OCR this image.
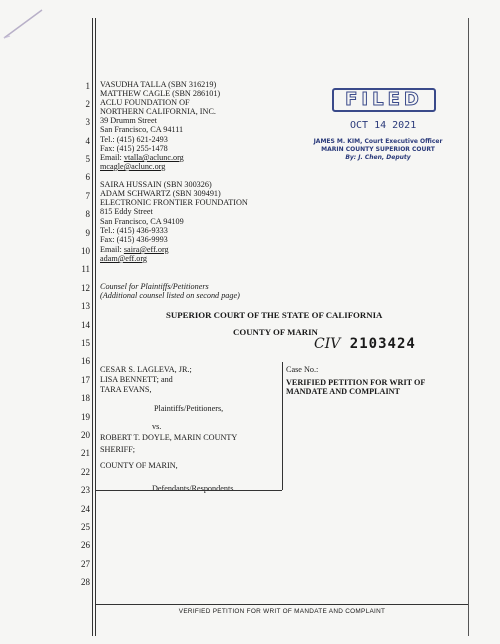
1
2
3
4
5
6
7
8
9
10
11
12
13
14
15
16
17
18
19
20
21
22
23
24
25
26
27
28
VASUDHA TALLA (SBN 316219)
MATTHEW CAGLE (SBN 286101)
ACLU FOUNDATION OF
NORTHERN CALIFORNIA, INC.
39 Drumm Street
San Francisco, CA 94111
Tel.: (415) 621-2493
Fax: (415) 255-1478
Email: vtalla@aclunc.org
mcagle@aclunc.org
SAIRA HUSSAIN (SBN 300326)
ADAM SCHWARTZ (SBN 309491)
ELECTRONIC FRONTIER FOUNDATION
815 Eddy Street
San Francisco, CA 94109
Tel.: (415) 436-9333
Fax: (415) 436-9993
Email: saira@eff.org
adam@eff.org
Counsel for Plaintiffs/Petitioners
(Additional counsel listed on second page)
FILED
OCT 14 2021
JAMES M. KIM, Court Executive Officer
MARIN COUNTY SUPERIOR COURT
By: J. Chen, Deputy
SUPERIOR COURT OF THE STATE OF CALIFORNIA
COUNTY OF MARIN
CIV 2103424
CESAR S. LAGLEVA, JR.;
LISA BENNETT; and
TARA EVANS,
Plaintiffs/Petitioners,
vs.
ROBERT T. DOYLE, MARIN COUNTY
SHERIFF;
COUNTY OF MARIN,
Defendants/Respondents.
Case No.:
VERIFIED PETITION FOR WRIT OF
MANDATE AND COMPLAINT
VERIFIED PETITION FOR WRIT OF MANDATE AND COMPLAINT
